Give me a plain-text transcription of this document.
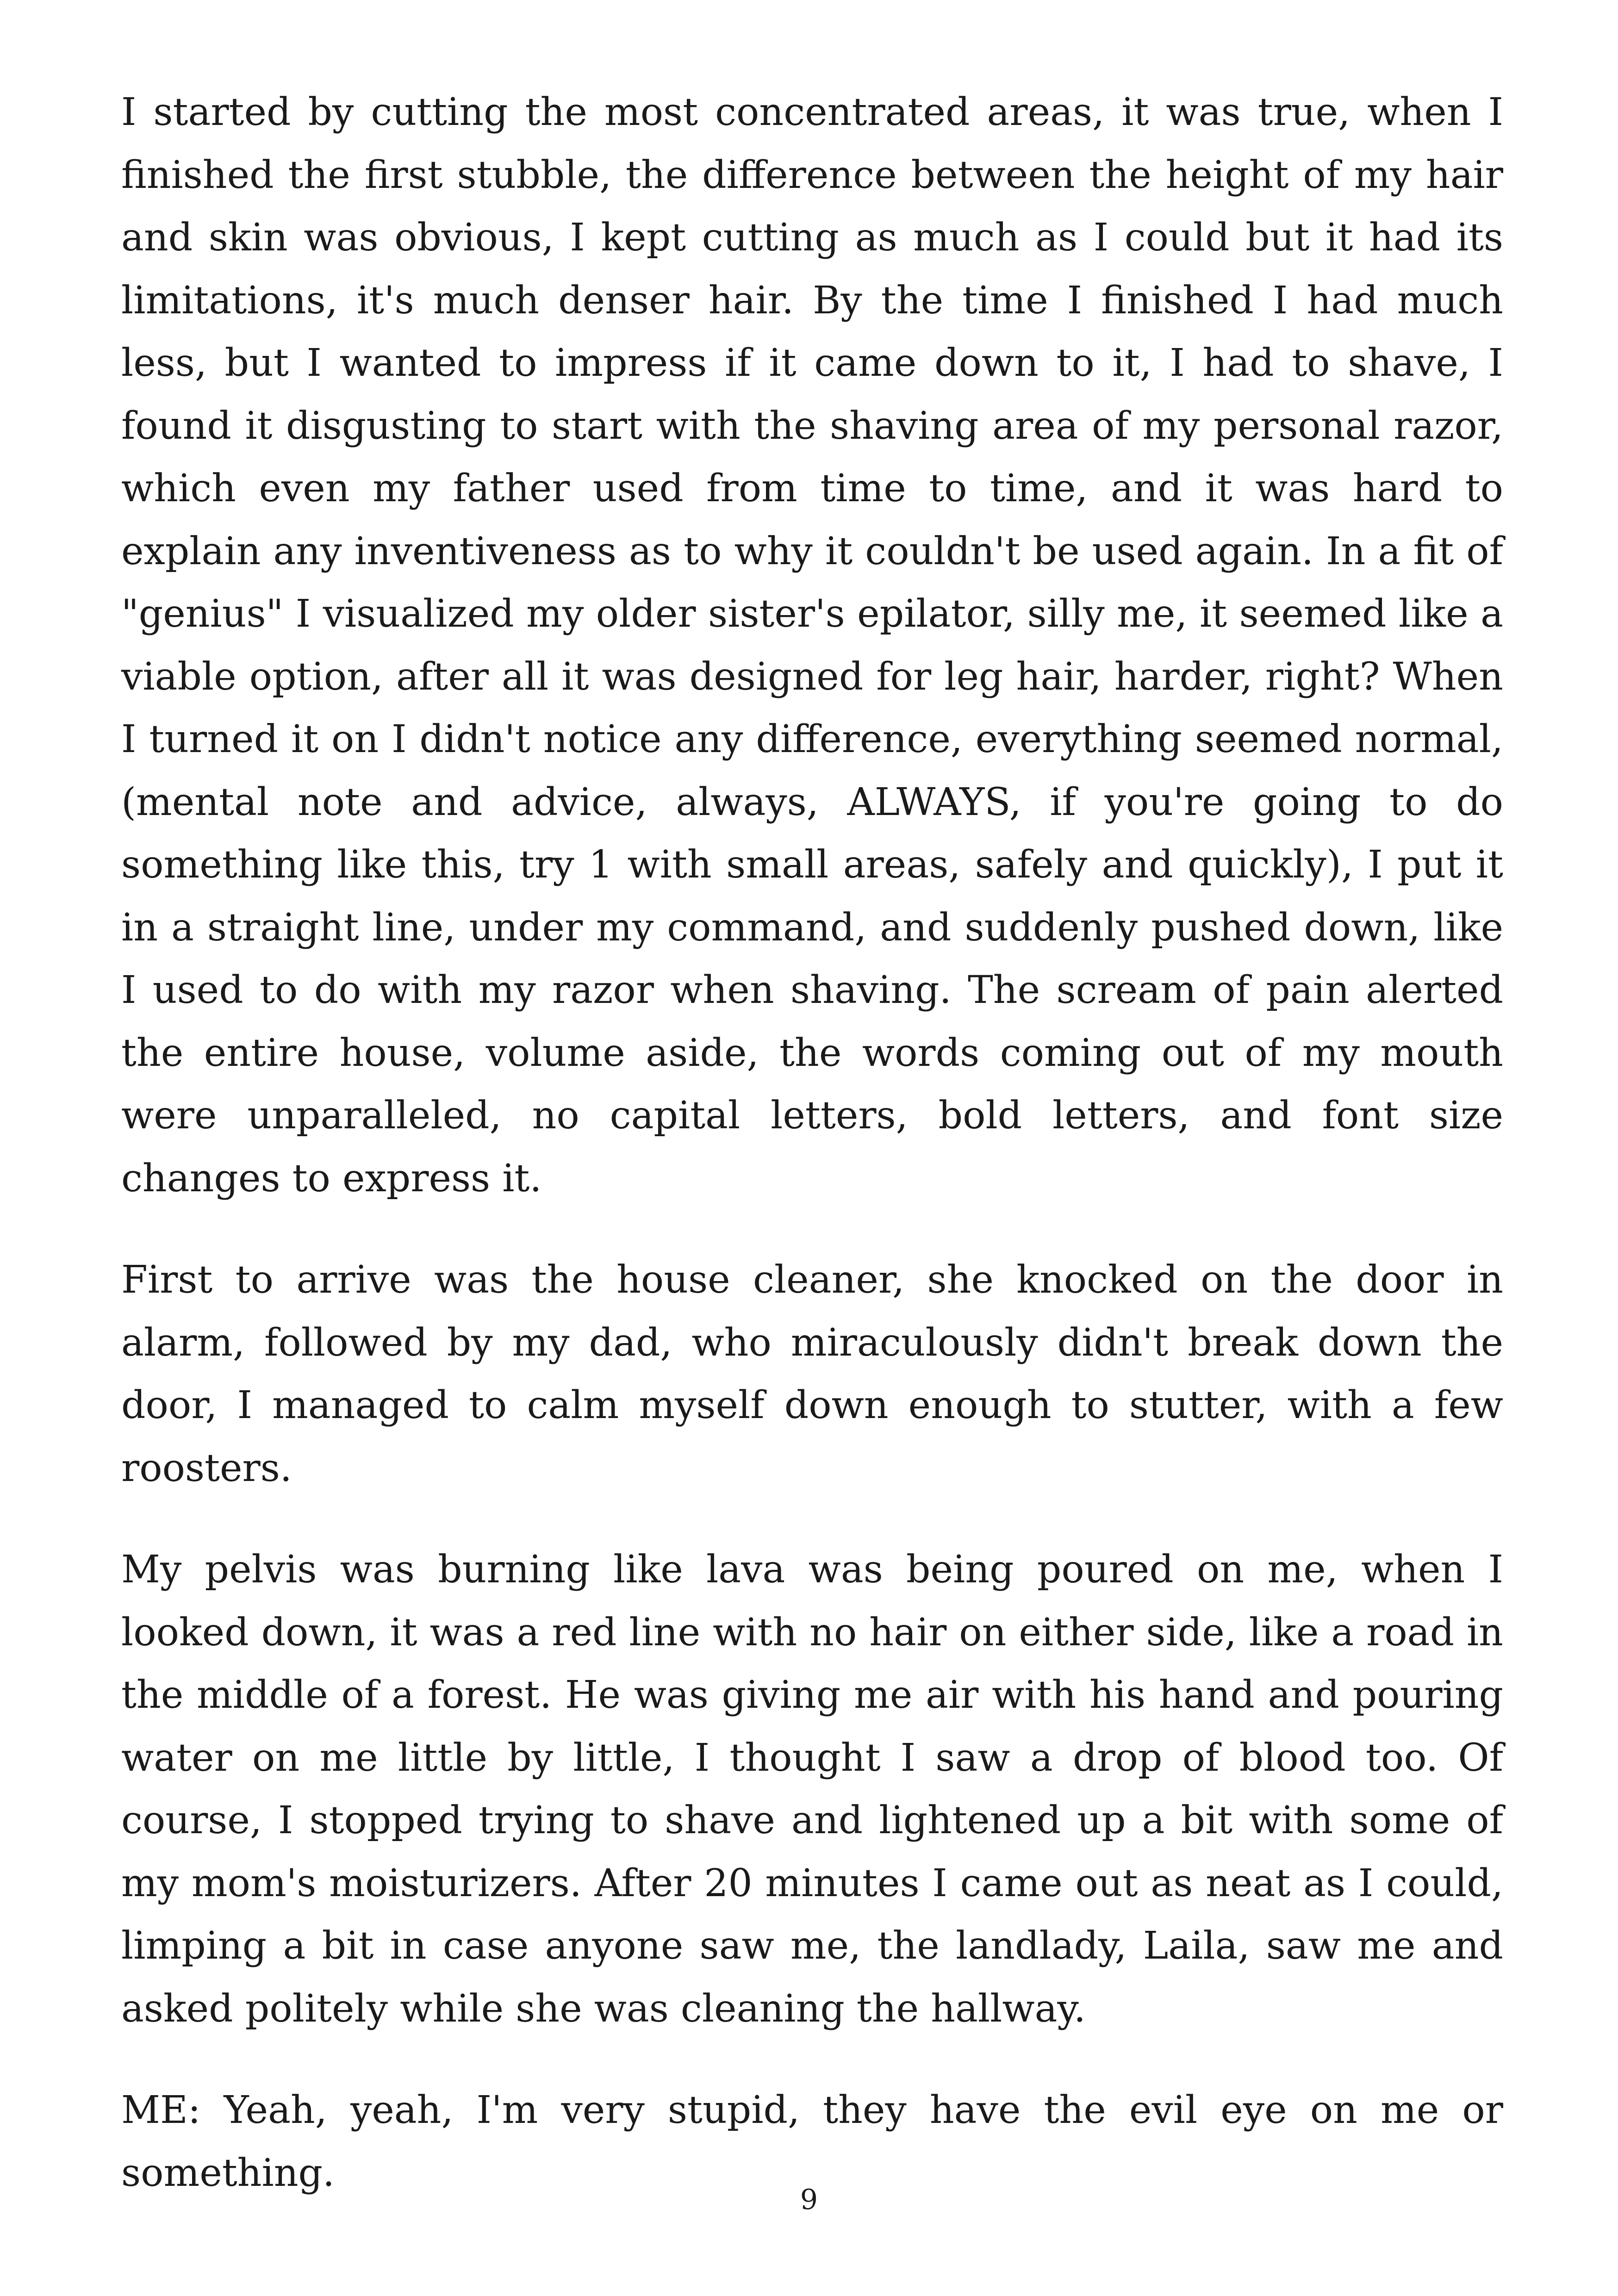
I started by cutting the most concentrated areas, it was true, when I finished the first stubble, the difference between the height of my hair and skin was obvious, I kept cutting as much as I could but it had its limitations, it's much denser hair. By the time I finished I had much less, but I wanted to impress if it came down to it, I had to shave, I found it disgusting to start with the shaving area of my personal razor, which even my father used from time to time, and it was hard to explain any inventiveness as to why it couldn't be used again. In a fit of "genius" I visualized my older sister's epilator, silly me, it seemed like a viable option, after all it was designed for leg hair, harder, right? When I turned it on I didn't notice any difference, everything seemed normal, (mental note and advice, always, ALWAYS, if you're going to do something like this, try 1 with small areas, safely and quickly), I put it in a straight line, under my command, and suddenly pushed down, like I used to do with my razor when shaving. The scream of pain alerted the entire house, volume aside, the words coming out of my mouth were unparalleled, no capital letters, bold letters, and font size changes to express it.

First to arrive was the house cleaner, she knocked on the door in alarm, followed by my dad, who miraculously didn't break down the door, I managed to calm myself down enough to stutter, with a few roosters.

My pelvis was burning like lava was being poured on me, when I looked down, it was a red line with no hair on either side, like a road in the middle of a forest. He was giving me air with his hand and pouring water on me little by little, I thought I saw a drop of blood too. Of course, I stopped trying to shave and lightened up a bit with some of my mom's moisturizers. After 20 minutes I came out as neat as I could, limping a bit in case anyone saw me, the landlady, Laila, saw me and asked politely while she was cleaning the hallway.

ME: Yeah, yeah, I'm very stupid, they have the evil eye on me or something.

9
